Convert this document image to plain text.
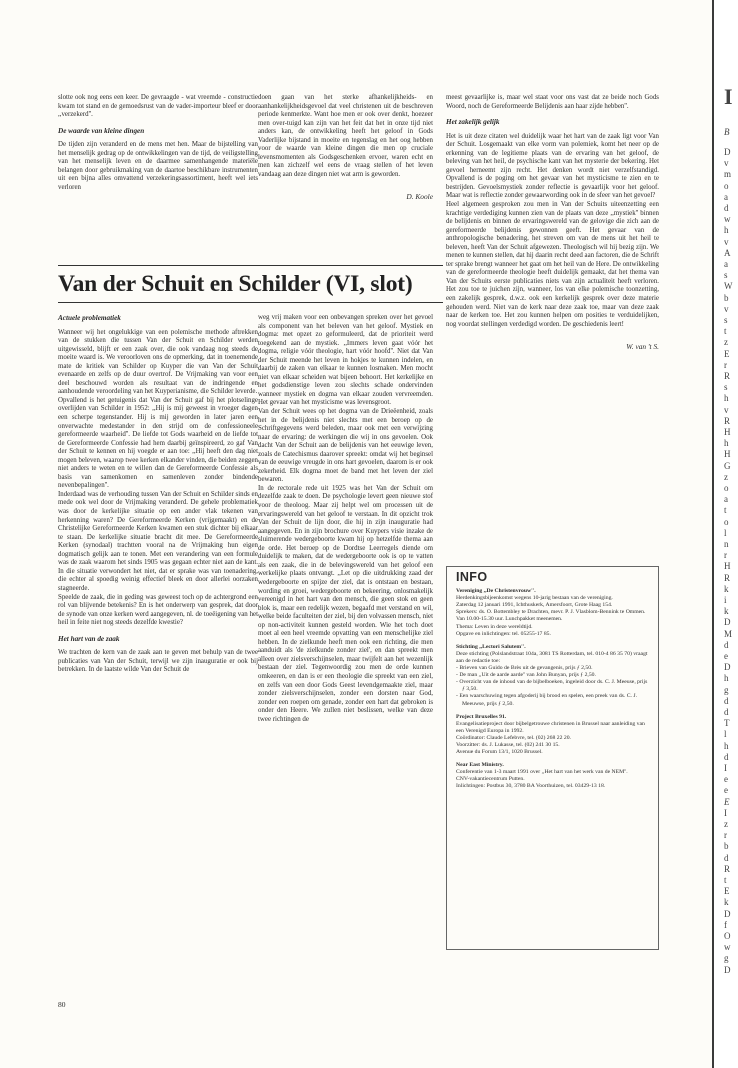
slotte ook nog eens een keer. De gevraagde - wat vreemde - constructie kwam tot stand en de gemoedsrust van de vader-importeur bleef er door ,,verzekerd''.

De waarde van kleine dingen

De tijden zijn veranderd en de mens met hen. Maar de bijstelling van het menselijk gedrag op de ontwikkelingen van de tijd, de veiligstelling van het menselijk leven en de daarmee samenhangende materiële belangen door gebruikmaking van de daartoe beschikbare instrumenten uit een bijna alles omvattend verzekeringsassortiment, heeft wel iets verloren

doen gaan van het sterke afhankelijkheids- en aanhankelijkheidsgevoel dat veel christenen uit de beschreven periode kenmerkte. Want hoe men er ook over denkt, hoezeer men over-tuigd kan zijn van het feit dat het in onze tijd niet anders kan, de ontwikkeling heeft het geloof in Gods Vaderlijke bijstand in moeite en tegenslag en het oog hebben voor de waarde van kleine dingen die men op cruciale levensmomenten als Godsgeschenken ervoer, waren echt en men kan zichzelf wel eens de vraag stellen of het leven vandaag aan deze dingen niet wat arm is geworden.

D. Koole

meest gevaarlijke is, maar wel staat voor ons vast dat ze beide noch Gods Woord, noch de Gereformeerde Belijdenis aan haar zijde hebben''.

Het zakelijk gelijk

Het is uit deze citaten wel duidelijk waar het hart van de zaak ligt voor Van der Schuit. Losgemaakt van elke vorm van polemiek, komt het neer op de erkenning van de legitieme plaats van de ervaring van het geloof, de beleving van het heil, de psychische kant van het mysterie der bekering. Het gevoel herneemt zijn recht. Het denken wordt niet verzelfstandigd. Opvallend is de poging om het gevaar van het mysticisme te zien en te bestrijden. Gevoelsmystiek zonder reflectie is gevaarlijk voor het geloof. Maar wat is reflectie zonder gewaarwording ook in de sfeer van het gevoel?

Heel algemeen gesproken zou men in Van der Schuits uiteenzetting een krachtige verdediging kunnen zien van de plaats van deze ,,mystiek'' binnen de belijdenis en binnen de ervaringswereld van de gelovige die zich aan de gereformeerde belijdenis gewonnen geeft. Het gevaar van de anthropologische benadering, het streven om van de mens uit het heil te beleven, heeft Van der Schuit afgewezen. Theologisch wil hij bezig zijn. We menen te kunnen stellen, dat hij daarin recht deed aan factoren, die de Schrift ter sprake brengt wanneer het gaat om het heil van de Here. De ontwikkeling van de gereformeerde theologie heeft duidelijk gemaakt, dat het thema van Van der Schuits eerste publicaties niets van zijn actualiteit heeft verloren. Het zou toe te juichen zijn, wanneer, los van elke polemische toonzetting, een zakelijk gesprek, d.w.z. ook een kerkelijk gesprek over deze materie gehouden werd. Niet van de kerk naar deze zaak toe, maar van deze zaak naar de kerken toe. Het zou kunnen helpen om posities te verduidelijken, nog voordat stellingen verdedigd worden. De geschiedenis leert!

W. van 't S.

Van der Schuit en Schilder (VI, slot)

Actuele problematiek

Wanneer wij het ongelukkige van een polemische methode aftrekken van de stukken die tussen Van der Schuit en Schilder werden uitgewisseld, blijft er een zaak over, die ook vandaag nog steeds de moeite waard is. We veroorloven ons de opmerking, dat in toenemende mate de kritiek van Schilder op Kuyper die van Van der Schuit evenaarde en zelfs op de duur overtrof. De Vrijmaking van voor een deel beschouwd worden als resultaat van de indringende en aanhoudende veroordeling van het Kuyperianisme, die Schilder leverde.

Opvallend is het getuigenis dat Van der Schuit gaf bij het plotselinge overlijden van Schilder in 1952: ,,Hij is mij geweest in vroeger dagen een scherpe tegenstander. Hij is mij geworden in later jaren een onverwachte medestander in den strijd om de confessioneele gereformeerde waarheid''. De liefde tot Gods waarheid en de liefde tot de Gereformeerde Confessie had hem daarbij geïnspireerd, zo gaf Van der Schuit te kennen en hij voegde er aan toe: ,,Hij heeft den dag niet mogen beleven, waarop twee kerken elkander vinden, die beiden zeggen niet anders te weten en te willen dan de Gereformeerde Confessie als basis van samenkomen en samenleven zonder bindende nevenbepalingen''.

Inderdaad was de verhouding tussen Van der Schuit en Schilder sinds en mede ook wel door de Vrijmaking veranderd. De gehele problematiek was door de kerkelijke situatie op een ander vlak tekenen van herkenning waren? De Gereformeerde Kerken (vrijgemaakt) en de Christelijke Gereformeerde Kerken kwamen een stuk dichter bij elkaar te staan. De kerkelijke situatie bracht dit mee. De Gereformeerde Kerken (synodaal) trachtten vooral na de Vrijmaking hun eigen dogmatisch gelijk aan te tonen. Met een verandering van een formule was de zaak waarom het sinds 1905 was gegaan echter niet aan de kant. In die situatie verwondert het niet, dat er sprake was van toenadering, die echter al spoedig weinig effectief bleek en door allerlei oorzaken stagneerde.

Speelde de zaak, die in geding was geweest toch op de achtergrond een rol van blijvende betekenis? En is het onderwerp van gesprek, dat door de synode van onze kerken werd aangegeven, nl. de toeëigening van het heil in feite niet nog steeds dezelfde kwestie?

Het hart van de zaak

We trachten de kern van de zaak aan te geven met behulp van de twee publicaties van Van der Schuit, terwijl we zijn inauguratie er ook bij betrekken. In de laatste wilde Van der Schuit de

weg vrij maken voor een onbevangen spreken over het gevoel als component van het beleven van het geloof. Mystiek en dogma: met opzet zo geformuleerd, dat de prioriteit werd toegekend aan de mystiek. ,,Immers leven gaat vóór het dogma, religie vóór theologie, hart vóór hoofd''. Niet dat Van der Schuit meende het leven in hokjes te kunnen indelen, en daarbij de zaken van elkaar te kunnen losmaken. Men mocht niet van elkaar scheiden wat bijeen behoort. Het kerkelijke en het godsdienstige leven zou slechts schade ondervinden wanneer mystiek en dogma van elkaar zouden vervreemden. Het gevaar van het mysticisme was levensgroot.

Van der Schuit wees op het dogma van de Drieëenheid, zoals het in de belijdenis niet slechts met een beroep op de Schriftgegevens werd beleden, maar ook met een verwijzing naar de ervaring: de werkingen die wij in ons gevoelen. Ook dacht Van der Schuit aan de belijdenis van het eeuwige leven, zoals de Catechismus daarover spreekt: omdat wij het beginsel van de eeuwige vreugde in ons hart gevoelen, daarom is er ook zekerheid. Elk dogma moet de band met het leven der ziel bewaren.

In de rectorale rede uit 1925 was het Van der Schuit om dezelfde zaak te doen. De psychologie levert geen nieuwe stof voor de theoloog. Maar zij helpt wel om processen uit de ervaringswereld van het geloof te verstaan. In dit opzicht trok Van der Schuit de lijn door, die hij in zijn inauguratie had aangegeven. En in zijn brochure over Kuypers visie inzake de sluimerende wedergeboorte kwam hij op hetzelfde thema aan de orde. Het beroep op de Dordtse Leerregels diende om duidelijk te maken, dat de wedergeboorte ook is op te vatten als een zaak, die in de belevingswereld van het geloof een werkelijke plaats ontvangt. ,,Let op die uitdrukking zaad der wedergeboorte en spijze der ziel, dat is ontstaan en bestaan, wording en groei, wedergeboorte en bekeering, onlosmakelijk vereenigd in het hart van den mensch, die geen stok en geen blok is, maar een redelijk wezen, begaafd met verstand en wil, welke beide faculteiten der ziel, bij den volvassen mensch, niet op non-activiteit kunnen gesteld worden. Wie het toch doet moet al een heel vreemde opvatting van een menschelijke ziel hebben. In de zielkunde heeft men ook een richting, die men aanduidt als 'de zielkunde zonder ziel', en dan spreekt men alleen over zielsverschijnselen, maar twijfelt aan het wezenlijk bestaan der ziel. Tegenwoordig zou men de orde kunnen omkeeren, en dan is er een theologie die spreekt van een ziel, en zelfs van een door Gods Geest levendgemaakte ziel, maar zonder zielsverschijnselen, zonder een dorsten naar God, zonder een roepen om genade, zonder een hart dat gebroken is onder den Heere. We zullen niet beslissen, welke van deze twee richtingen de

INFO

Vereniging ,,De Christenvrouw''.

Herdenkingsbijeenkomst wegens 10-jarig bestaan van de vereniging.

Zaterdag 12 januari 1991, Ichthuskerk, Amersfoort, Grote Haag 154.

Sprekers: ds. O. Bottembley te Drachten, mevr. P. J. Vlasblom-Bennink te Ommen. Van 10.00-15.30 uur. Lunchpakket meenemen.

Thema: Leven in deze wereldtijd.

Opgave en inlichtingen: tel. 05255-17 85.

Stichting ,,Lectori Salutem''.

Deze stichting (Polslandstraat 104a, 3081 TS Rotterdam, tel. 010-4 86 35 70) vraagt aan de redactie toe:

- Brieven van Guido de Brès uit de gevangenis, prijs ƒ 2,50.
- De man ,,Uit de aarde aarde'' van John Bunyan, prijs ƒ 2,50.
- Overzicht van de inhoud van de bijbelboeken, ingeleid door ds. C. J. Meeuse, prijs ƒ 3,50.
- Een waarschuwing tegen afgoderij bij brood en spelen, een preek van ds. C. J. Meeuwse, prijs ƒ 2,50.

Project Bruxelles 91.

Evangelisatieproject door bijbelgetrouwe christenen in Brussel naar aanleiding van een Verenigd Europa in 1992.

Coördinator: Claude Lefebvre, tel. (02) 268 22 20.

Voorzitter: ds. J. Lukasse, tel. (02) 241 30 15.

Avenue du Forum 13/1, 1020 Brussel.

Near East Ministry.

Conferentie van 1-3 maart 1991 over ,,Het hart van het werk van de NEM''.

CNV-vakantiecentrum Putten.

Inlichtingen: Postbus 30, 3780 BA Voorthuizen, tel. 03429-13 18.

80
I
B
D
v
m
o
a
d
w
h
v
A
a
s
W
b
v
s
t
z
E
r
R
s
h
v
R
H
h
H
G
z
o
a
t
o
l
n
r
H
R
k
i
k
D
M
d
e
D
h
g
d
d
T
l
h
d
I
e
e
E
I
z
r
b
d
R
t
E
k
D
f
O
w
g
D
